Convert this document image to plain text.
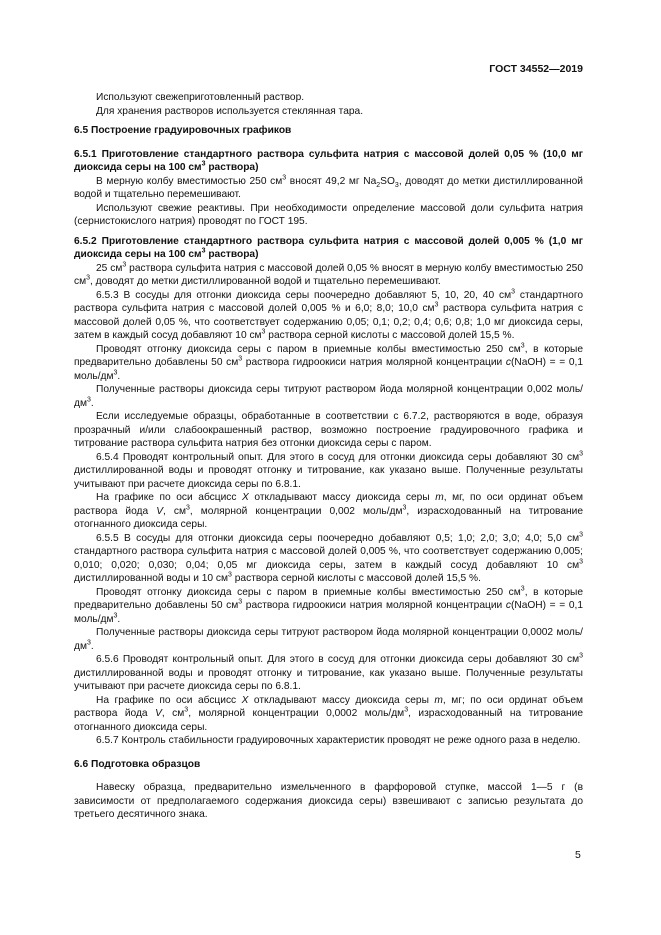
ГОСТ 34552—2019

Используют свежеприготовленный раствор.

Для хранения растворов используется стеклянная тара.

6.5 Построение градуировочных графиков

6.5.1 Приготовление стандартного раствора сульфита натрия с массовой долей 0,05 % (10,0 мг диоксида серы на 100 $см^3$ раствора)

В мерную колбу вместимостью 250 $см^3$ вносят 49,2 мг $Na_2SO_3$, доводят до метки дистиллированной водой и тщательно перемешивают.

Используют свежие реактивы. При необходимости определение массовой доли сульфита натрия (сернистокислого натрия) проводят по ГОСТ 195.

6.5.2 Приготовление стандартного раствора сульфита натрия с массовой долей 0,005 % (1,0 мг диоксида серы на 100 $см^3$ раствора)

25 $см^3$ раствора сульфита натрия с массовой долей 0,05 % вносят в мерную колбу вместимостью 250 $см^3$, доводят до метки дистиллированной водой и тщательно перемешивают.

6.5.3 В сосуды для отгонки диоксида серы поочередно добавляют 5, 10, 20, 40 $см^3$ стандартного раствора сульфита натрия с массовой долей 0,005 % и 6,0; 8,0; 10,0 $см^3$ раствора сульфита натрия с массовой долей 0,05 %, что соответствует содержанию 0,05; 0,1; 0,2; 0,4; 0,6; 0,8; 1,0 мг диоксида серы, затем в каждый сосуд добавляют 10 $см^3$ раствора серной кислоты с массовой долей 15,5 %.

Проводят отгонку диоксида серы с паром в приемные колбы вместимостью 250 $см^3$, в которые предварительно добавлены 50 $см^3$ раствора гидроокиси натрия молярной концентрации c(NaOH) = = 0,1 моль/$дм^3$.

Полученные растворы диоксида серы титруют раствором йода молярной концентрации 0,002 моль/$дм^3$.

Если исследуемые образцы, обработанные в соответствии с 6.7.2, растворяются в воде, образуя прозрачный и/или слабоокрашенный раствор, возможно построение градуировочного графика и титрование раствора сульфита натрия без отгонки диоксида серы с паром.

6.5.4 Проводят контрольный опыт. Для этого в сосуд для отгонки диоксида серы добавляют 30 $см^3$ дистиллированной воды и проводят отгонку и титрование, как указано выше. Полученные результаты учитывают при расчете диоксида серы по 6.8.1.

На графике по оси абсцисс X откладывают массу диоксида серы m, мг, по оси ординат объем раствора йода V, $см^3$, молярной концентрации 0,002 моль/$дм^3$, израсходованный на титрование отогнанного диоксида серы.

6.5.5 В сосуды для отгонки диоксида серы поочередно добавляют 0,5; 1,0; 2,0; 3,0; 4,0; 5,0 $см^3$ стандартного раствора сульфита натрия с массовой долей 0,005 %, что соответствует содержанию 0,005; 0,010; 0,020; 0,030; 0,04; 0,05 мг диоксида серы, затем в каждый сосуд добавляют 10 $см^3$ дистиллированной воды и 10 $см^3$ раствора серной кислоты с массовой долей 15,5 %.

Проводят отгонку диоксида серы с паром в приемные колбы вместимостью 250 $см^3$, в которые предварительно добавлены 50 $см^3$ раствора гидроокиси натрия молярной концентрации c(NaOH) = = 0,1 моль/$дм^3$.

Полученные растворы диоксида серы титруют раствором йода молярной концентрации 0,0002 моль/$дм^3$.

6.5.6 Проводят контрольный опыт. Для этого в сосуд для отгонки диоксида серы добавляют 30 $см^3$ дистиллированной воды и проводят отгонку и титрование, как указано выше. Полученные результаты учитывают при расчете диоксида серы по 6.8.1.

На графике по оси абсцисс X откладывают массу диоксида серы m, мг; по оси ординат объем раствора йода V, $см^3$, молярной концентрации 0,0002 моль/$дм^3$, израсходованный на титрование отогнанного диоксида серы.

6.5.7 Контроль стабильности градуировочных характеристик проводят не реже одного раза в неделю.

6.6 Подготовка образцов

Навеску образца, предварительно измельченного в фарфоровой ступке, массой 1—5 г (в зависимости от предполагаемого содержания диоксида серы) взвешивают с записью результата до третьего десятичного знака.

5
